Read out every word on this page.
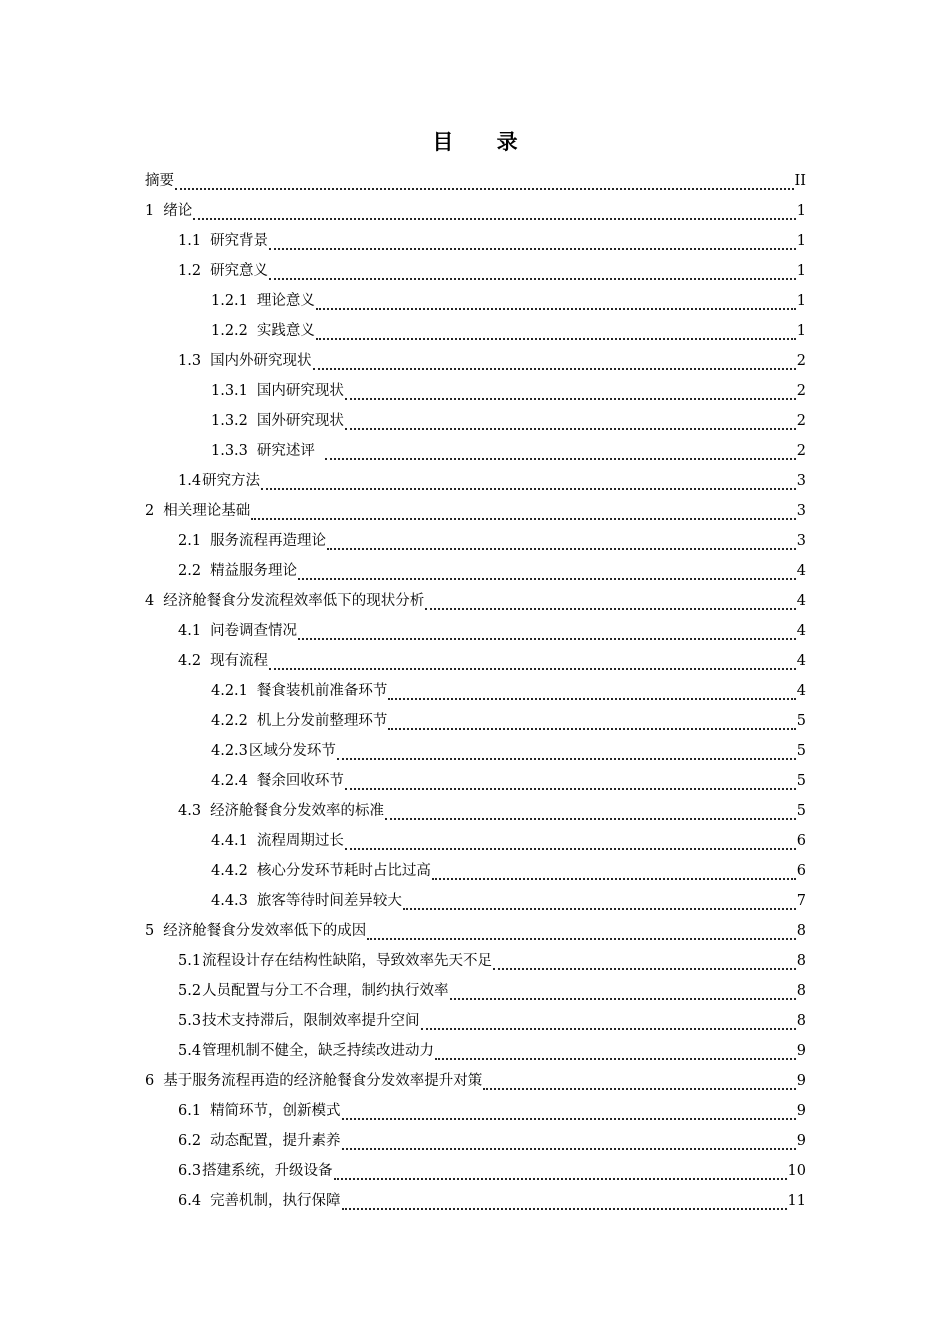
目 录
摘要	II
1 绪论	1
1.1 研究背景	1
1.2 研究意义	1
1.2.1 理论意义	1
1.2.2 实践意义	1
1.3 国内外研究现状	2
1.3.1 国内研究现状	2
1.3.2 国外研究现状	2
1.3.3 研究述评	2
1.4 研究方法	3
2 相关理论基础	3
2.1 服务流程再造理论	3
2.2 精益服务理论	4
4 经济舱餐食分发流程效率低下的现状分析	4
4.1 问卷调查情况	4
4.2 现有流程	4
4.2.1 餐食装机前准备环节	4
4.2.2 机上分发前整理环节	5
4.2.3 区域分发环节	5
4.2.4 餐余回收环节	5
4.3 经济舱餐食分发效率的标准	5
4.4.1 流程周期过长	6
4.4.2 核心分发环节耗时占比过高	6
4.4.3 旅客等待时间差异较大	7
5 经济舱餐食分发效率低下的成因	8
5.1 流程设计存在结构性缺陷，导致效率先天不足	8
5.2 人员配置与分工不合理，制约执行效率	8
5.3 技术支持滞后，限制效率提升空间	8
5.4 管理机制不健全，缺乏持续改进动力	9
6 基于服务流程再造的经济舱餐食分发效率提升对策	9
6.1 精简环节，创新模式	9
6.2 动态配置，提升素养	9
6.3 搭建系统，升级设备	10
6.4 完善机制，执行保障	11
